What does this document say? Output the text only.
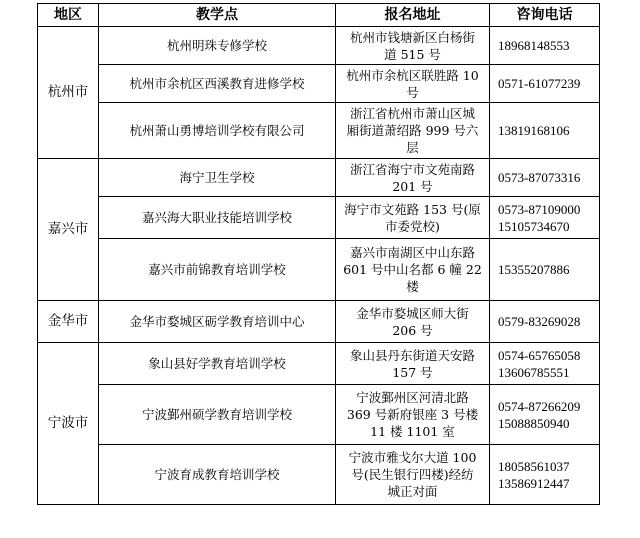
地区	教学点	报名地址	咨询电话
杭州市	杭州明珠专修学校	杭州市钱塘新区白杨街
道 515 号	18968148553

	杭州市余杭区西溪教育进修学校	杭州市余杭区联胜路 10
号	0571-61077239

	杭州萧山勇博培训学校有限公司	浙江省杭州市萧山区城
厢街道萧绍路 999 号六
层	13819168106

嘉兴市	海宁卫生学校	浙江省海宁市文苑南路
201 号	0573-87073316

	嘉兴海大职业技能培训学校	海宁市文苑路 153 号(原
市委党校)	0573-87109000
15105734670

	嘉兴市前锦教育培训学校	嘉兴市南湖区中山东路
601 号中山名都 6 幢 22
楼	15355207886

金华市	金华市婺城区砺学教育培训中心	金华市婺城区师大街
206 号	0579-83269028

宁波市	象山县好学教育培训学校	象山县丹东街道天安路
157 号	0574-65765058
13606785551

	宁波鄞州硕学教育培训学校	宁波鄞州区河清北路
369 号新府银座 3 号楼
11 楼 1101 室	0574-87266209
15088850940

	宁波育成教育培训学校	宁波市雅戈尔大道 100
号(民生银行四楼)经纺
城正对面	18058561037
13586912447
